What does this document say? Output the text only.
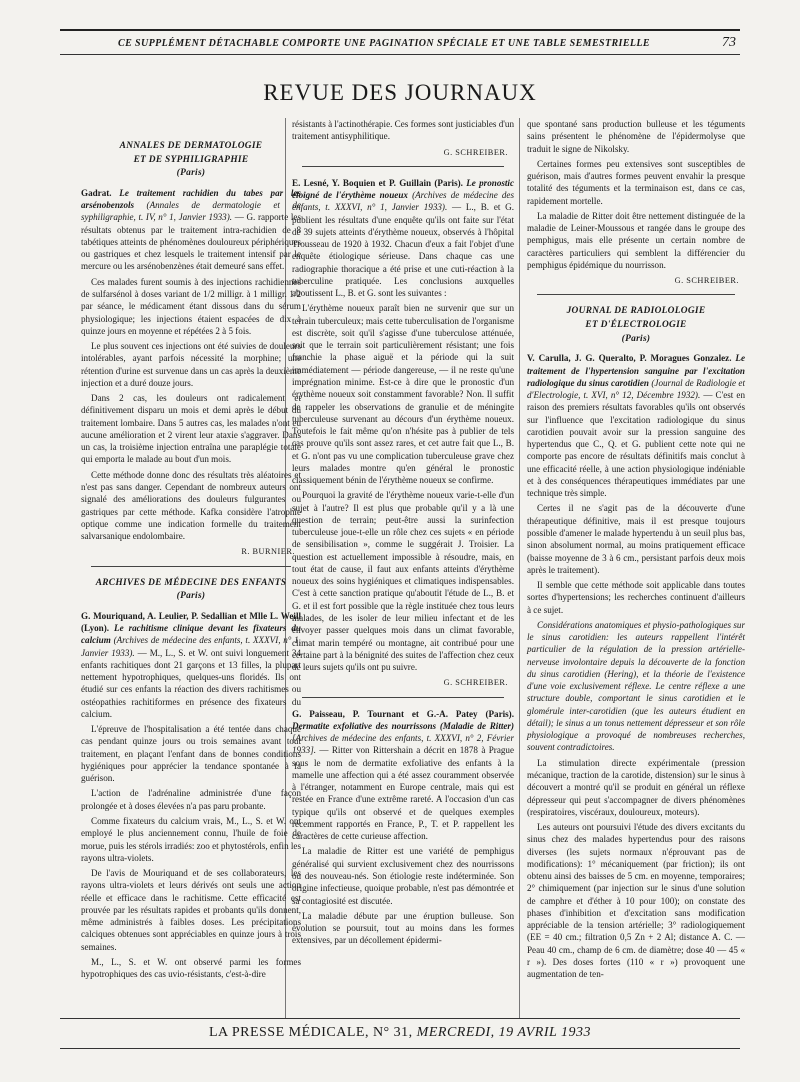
CE SUPPLÉMENT DÉTACHABLE COMPORTE UNE PAGINATION SPÉCIALE ET UNE TABLE SEMESTRIELLE	73
REVUE DES JOURNAUX
ANNALES DE DERMATOLOGIE
ET DE SYPHILIGRAPHIE
(Paris)

Gadrat. Le traitement rachidien du tabes par les arsénobenzols (Annales de dermatologie et de syphiligraphie, t. IV, n° 1, Janvier 1933). — G. rapporte les résultats obtenus par le traitement intra-rachidien de 8 tabétiques atteints de phénomènes douloureux périphériques ou gastriques et chez lesquels le traitement intensif par le mercure ou les arsénobenzènes était demeuré sans effet.

Ces malades furent soumis à des injections rachidiennes de sulfarsénol à doses variant de 1/2 milligr. à 1 milligr. 1/2 par séance, le médicament étant dissous dans du sérum physiologique; les injections étaient espacées de dix à quinze jours en moyenne et répétées 2 à 5 fois.

Le plus souvent ces injections ont été suivies de douleurs intolérables, ayant parfois nécessité la morphine; une rétention d'urine est survenue dans un cas après la deuxième injection et a duré douze jours.

Dans 2 cas, les douleurs ont radicalement et définitivement disparu un mois et demi après le début du traitement lombaire. Dans 5 autres cas, les malades n'ont eu aucune amélioration et 2 virent leur ataxie s'aggraver. Dans un cas, la troisième injection entraîna une paraplégie totale qui emporta le malade au bout d'un mois.

Cette méthode donne donc des résultats très aléatoires et n'est pas sans danger. Cependant de nombreux auteurs ont signalé des améliorations des douleurs fulgurantes ou gastriques par cette méthode. Kafka considère l'atrophie optique comme une indication formelle du traitement salvarsanique endolombaire.

R. BURNIER.
ARCHIVES DE MÉDECINE DES ENFANTS
(Paris)

G. Mouriquand, A. Leulier, P. Sedallian et Mlle L. Weill (Lyon). Le rachitisme clinique devant les fixateurs du calcium (Archives de médecine des enfants, t. XXXVI, n° 1, Janvier 1933). — M., L., S. et W. ont suivi longuement 34 enfants rachitiques dont 21 garçons et 13 filles, la plupart nettement hypotrophiques, quelques-uns floridés. Ils ont étudié sur ces enfants la réaction des divers rachitismes ou ostéopathies rachitiformes en présence des fixateurs du calcium.

L'épreuve de l'hospitalisation a été tentée dans chaque cas pendant quinze jours ou trois semaines avant tout traitement, en plaçant l'enfant dans de bonnes conditions hygiéniques pour apprécier la tendance spontanée à la guérison.

L'action de l'adrénaline administrée d'une façon prolongée et à doses élevées n'a pas paru probante.

Comme fixateurs du calcium vrais, M., L., S. et W. ont employé le plus anciennement connu, l'huile de foie de morue, puis les stérols irradiés: zoo et phytostérols, enfin les rayons ultra-violets.

De l'avis de Mouriquand et de ses collaborateurs, les rayons ultra-violets et leurs dérivés ont seuls une action réelle et efficace dans le rachitisme. Cette efficacité est prouvée par les résultats rapides et probants qu'ils donnent, même administrés à faibles doses. Les précipitations calciques obtenues sont appréciables en quinze jours à trois semaines.

M., L., S. et W. ont observé parmi les formes hypotrophiques des cas uvio-résistants, c'est-à-dire

résistants à l'actinothérapie. Ces formes sont justiciables d'un traitement antisyphilitique.

G. SCHREIBER.

E. Lesné, Y. Boquien et P. Guillain (Paris). Le pronostic éloigné de l'érythème noueux (Archives de médecine des enfants, t. XXXVI, n° 1, Janvier 1933). — L., B. et G. publient les résultats d'une enquête qu'ils ont faite sur l'état de 39 sujets atteints d'érythème noueux, observés à l'hôpital Trousseau de 1920 à 1932. Chacun d'eux a fait l'objet d'une enquête étiologique sérieuse. Dans chaque cas une radiographie thoracique a été prise et une cuti-réaction à la tuberculine pratiquée. Les conclusions auxquelles aboutissent L., B. et G. sont les suivantes :

L'érythème noueux paraît bien ne survenir que sur un terrain tuberculeux; mais cette tuberculisation de l'organisme est discrète, soit qu'il s'agisse d'une tuberculose atténuée, soit que le terrain soit particulièrement résistant; une fois franchie la phase aiguë et la période qui la suit immédiatement — période dangereuse, — il ne reste qu'une imprégnation minime. Est-ce à dire que le pronostic d'un érythème noueux soit constamment favorable? Non. Il suffit de rappeler les observations de granulie et de méningite tuberculeuse survenant au décours d'un érythème noueux. Toutefois le fait même qu'on n'hésite pas à publier de tels cas prouve qu'ils sont assez rares, et cet autre fait que L., B. et G. n'ont pas vu une complication tuberculeuse grave chez leurs malades montre qu'en général le pronostic classiquement bénin de l'érythème noueux se confirme.

Pourquoi la gravité de l'érythème noueux varie-t-elle d'un sujet à l'autre? Il est plus que probable qu'il y a là une question de terrain; peut-être aussi la surinfection tuberculeuse joue-t-elle un rôle chez ces sujets « en période de sensibilisation », comme le suggérait J. Troisier. La question est actuellement impossible à résoudre, mais, en tout état de cause, il faut aux enfants atteints d'érythème noueux des soins hygiéniques et climatiques indispensables. C'est à cette sanction pratique qu'aboutit l'étude de L., B. et G. et il est fort possible que la règle instituée chez tous leurs malades, de les isoler de leur milieu infectant et de les envoyer passer quelques mois dans un climat favorable, climat marin tempéré ou montagne, ait contribué pour une certaine part à la bénignité des suites de l'affection chez ceux de leurs sujets qu'ils ont pu suivre.

G. SCHREIBER.

G. Paisseau, P. Tournant et G.-A. Patey (Paris). Dermatite exfoliative des nourrissons (Maladie de Ritter) [Archives de médecine des enfants, t. XXXVI, n° 2, Février 1933]. — Ritter von Rittershain a décrit en 1878 à Prague sous le nom de dermatite exfoliative des enfants à la mamelle une affection qui a été assez couramment observée à l'étranger, notamment en Europe centrale, mais qui est restée en France d'une extrême rareté. A l'occasion d'un cas typique qu'ils ont observé et de quelques exemples récemment rapportés en France, P., T. et P. rappellent les caractères de cette curieuse affection.

La maladie de Ritter est une variété de pemphigus généralisé qui survient exclusivement chez des nourrissons ou des nouveau-nés. Son étiologie reste indéterminée. Son origine infectieuse, quoique probable, n'est pas démontrée et sa contagiosité est discutée.

La maladie débute par une éruption bulleuse. Son évolution se poursuit, tout au moins dans les formes extensives, par un décollement épidermi-

que spontané sans production bulleuse et les téguments sains présentent le phénomène de l'épidermolyse que traduit le signe de Nikolsky.

Certaines formes peu extensives sont susceptibles de guérison, mais d'autres formes peuvent envahir la presque totalité des téguments et la terminaison est, dans ce cas, rapidement mortelle.

La maladie de Ritter doit être nettement distinguée de la maladie de Leiner-Moussous et rangée dans le groupe des pemphigus, mais elle présente un certain nombre de caractères particuliers qui semblent la différencier du pemphigus épidémique du nourrisson.

G. SCHREIBER.
JOURNAL DE RADIOLOLOGIE
ET D'ÉLECTROLOGIE
(Paris)

V. Carulla, J. G. Queralto, P. Moragues Gonzalez. Le traitement de l'hypertension sanguine par l'excitation radiologique du sinus carotidien (Journal de Radiologie et d'Electrologie, t. XVI, n° 12, Décembre 1932). — C'est en raison des premiers résultats favorables qu'ils ont observés sur l'influence que l'excitation radiologique du sinus carotidien pouvait avoir sur la pression sanguine des hypertendus que C., Q. et G. publient cette note qui ne comporte pas encore de résultats définitifs mais conclut à une efficacité réelle, à une action physiologique indéniable et à des conséquences thérapeutiques immédiates par une technique très simple.

Certes il ne s'agit pas de la découverte d'une thérapeutique définitive, mais il est presque toujours possible d'amener le malade hypertendu à un seuil plus bas, sinon absolument normal, au moins pratiquement efficace (baisse moyenne de 3 à 6 cm., persistant parfois deux mois après le traitement).

Il semble que cette méthode soit applicable dans toutes sortes d'hypertensions; les recherches continuent d'ailleurs à ce sujet.

Considérations anatomiques et physio-pathologiques sur le sinus carotidien: les auteurs rappellent l'intérêt particulier de la régulation de la pression artérielle-nerveuse involontaire depuis la découverte de la fonction du sinus carotidien (Hering), et la théorie de l'existence d'une voie exclusivement réflexe. Le centre réflexe a une structure double, comportant le sinus carotidien et le glomérule inter-carotidien (que les auteurs étudient en détail); le sinus a un tonus nettement dépresseur et son rôle physiologique a provoqué de nombreuses recherches, souvent contradictoires.

La stimulation directe expérimentale (pression mécanique, traction de la carotide, distension) sur le sinus à découvert a montré qu'il se produit en général un réflexe dépresseur qui peut s'accompagner de divers phénomènes (respiratoires, viscéraux, douloureux, moteurs).

Les auteurs ont poursuivi l'étude des divers excitants du sinus chez des malades hypertendus pour des raisons diverses (les sujets normaux n'éprouvant pas de modifications): 1° mécaniquement (par friction); ils ont obtenu ainsi des baisses de 5 cm. en moyenne, temporaires; 2° chimiquement (par injection sur le sinus d'une solution de camphre et d'éther à 10 pour 100); on constate des phases d'inhibition et d'excitation sans modification appréciable de la tension artérielle; 3° radiologiquement (EE = 40 cm.; filtration 0,5 Zn + 2 Al; distance A. C. — Peau 40 cm., champ de 6 cm. de diamètre; dose 40 — 45 « r »). Des doses fortes (110 « r ») provoquent une augmentation de ten-

LA PRESSE MÉDICALE, N° 31, MERCREDI, 19 AVRIL 1933
